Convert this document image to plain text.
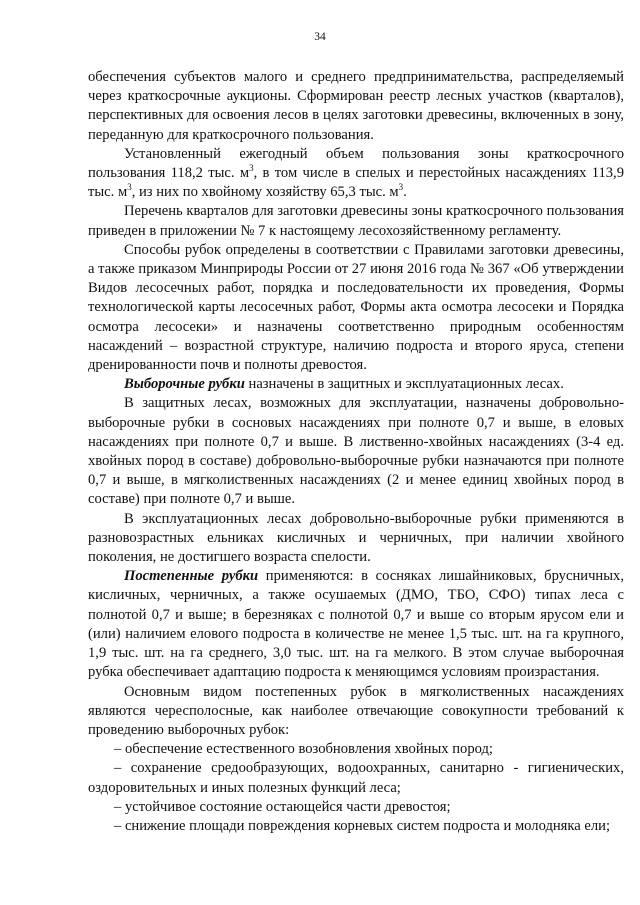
34

обеспечения субъектов малого и среднего предпринимательства, распределяемый через краткосрочные аукционы. Сформирован реестр лесных участков (кварталов), перспективных для освоения лесов в целях заготовки древесины, включенных в зону, переданную для краткосрочного пользования.

Установленный ежегодный объем пользования зоны краткосрочного пользования 118,2 тыс. $м^3$, в том числе в спелых и перестойных насаждениях 113,9 тыс. $м^3$, из них по хвойному хозяйству 65,3 тыс. $м^3$.

Перечень кварталов для заготовки древесины зоны краткосрочного пользования приведен в приложении № 7 к настоящему лесохозяйственному регламенту.

Способы рубок определены в соответствии с Правилами заготовки древесины, а также приказом Минприроды России от 27 июня 2016 года № 367 «Об утверждении Видов лесосечных работ, порядка и последовательности их проведения, Формы технологической карты лесосечных работ, Формы акта осмотра лесосеки и Порядка осмотра лесосеки» и назначены соответственно природным особенностям насаждений – возрастной структуре, наличию подроста и второго яруса, степени дренированности почв и полноты древостоя.

Выборочные рубки назначены в защитных и эксплуатационных лесах.

В защитных лесах, возможных для эксплуатации, назначены добровольно-выборочные рубки в сосновых насаждениях при полноте 0,7 и выше, в еловых насаждениях при полноте 0,7 и выше. В лиственно-хвойных насаждениях (3-4 ед. хвойных пород в составе) добровольно-выборочные рубки назначаются при полноте 0,7 и выше, в мягколиственных насаждениях (2 и менее единиц хвойных пород в составе) при полноте 0,7 и выше.

В эксплуатационных лесах добровольно-выборочные рубки применяются в разновозрастных ельниках кисличных и черничных, при наличии хвойного поколения, не достигшего возраста спелости.

Постепенные рубки применяются: в сосняках лишайниковых, брусничных, кисличных, черничных, а также осушаемых (ДМО, ТБО, СФО) типах леса с полнотой 0,7 и выше; в березняках с полнотой 0,7 и выше со вторым ярусом ели и (или) наличием елового подроста в количестве не менее 1,5 тыс. шт. на га крупного, 1,9 тыс. шт. на га среднего, 3,0 тыс. шт. на га мелкого. В этом случае выборочная рубка обеспечивает адаптацию подроста к меняющимся условиям произрастания.

Основным видом постепенных рубок в мягколиственных насаждениях являются чересполосные, как наиболее отвечающие совокупности требований к проведению выборочных рубок:

– обеспечение естественного возобновления хвойных пород;

– сохранение средообразующих, водоохранных, санитарно - гигиенических, оздоровительных и иных полезных функций леса;

– устойчивое состояние остающейся части древостоя;

– снижение площади повреждения корневых систем подроста и молодняка ели;
